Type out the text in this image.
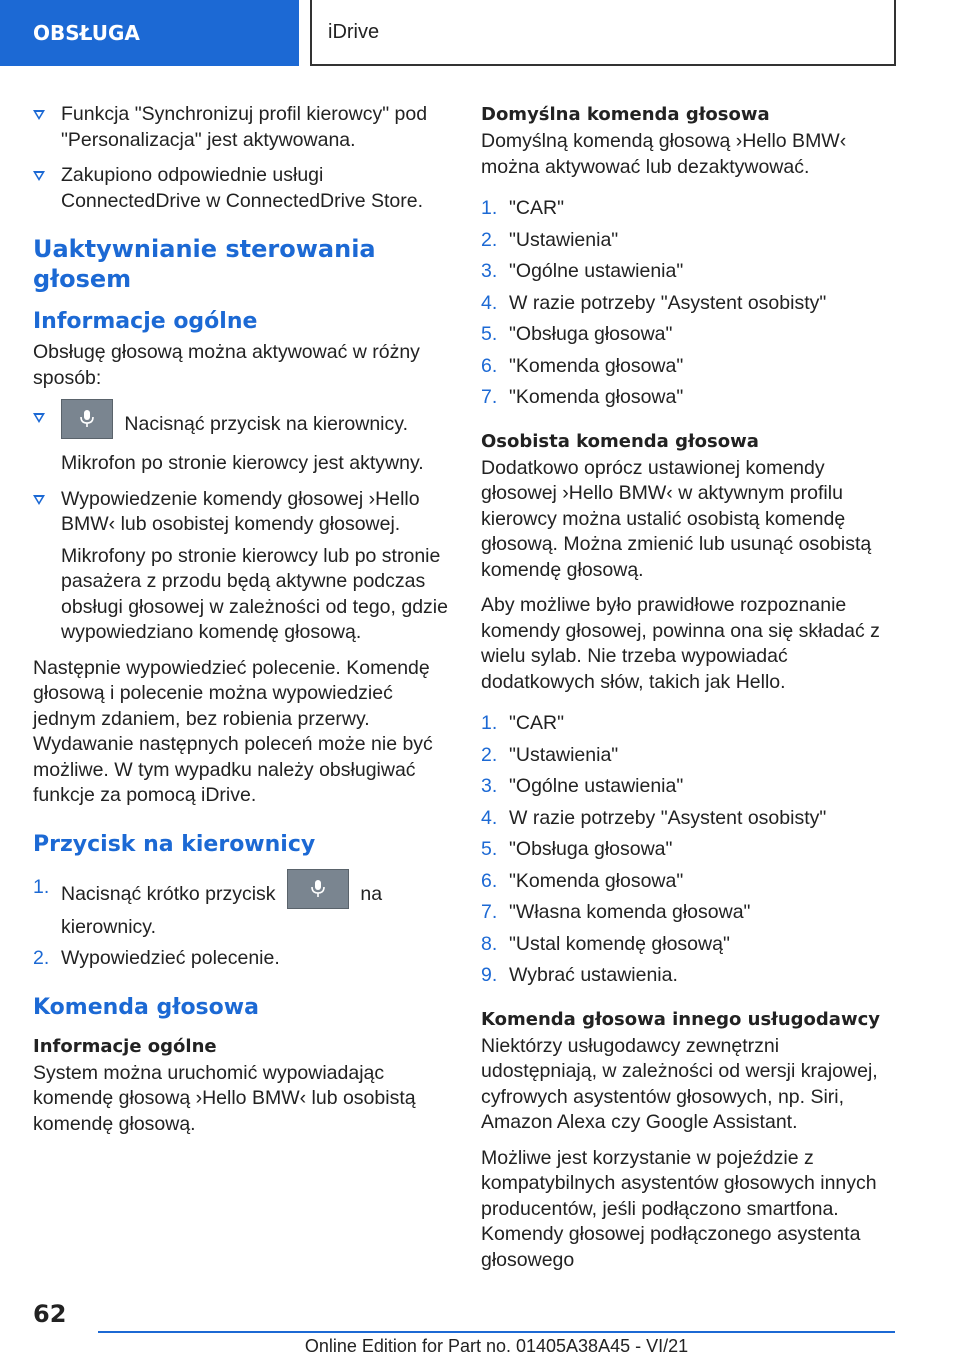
OBSŁUGA	iDrive
Funkcja "Synchronizuj profil kierowcy" pod "Personalizacja" jest aktywowana.
Zakupiono odpowiednie usługi ConnectedDrive w ConnectedDrive Store.
Uaktywnianie sterowania głosem
Informacje ogólne

Obsługę głosową można aktywować w różny sposób:

Nacisnąć przycisk na kierownicy.
Mikrofon po stronie kierowcy jest aktywny.
Wypowiedzenie komendy głosowej ›Hello BMW‹ lub osobistej komendy głosowej.
Mikrofony po stronie kierowcy lub po stronie pasażera z przodu będą aktywne podczas obsługi głosowej w zależności od tego, gdzie wypowiedziano komendę głosową.

Następnie wypowiedzieć polecenie. Komendę głosową i polecenie można wypowiedzieć jednym zdaniem, bez robienia przerwy. Wydawanie następnych poleceń może nie być możliwe. W tym wypadku należy obsługiwać funkcje za pomocą iDrive.

Przycisk na kierownicy
1. Nacisnąć krótko przycisk	na kierownicy.
2. Wypowiedzieć polecenie.
Komenda głosowa
Informacje ogólne

System można uruchomić wypowiadając komendę głosową ›Hello BMW‹ lub osobistą komendę głosową.

Domyślna komenda głosowa

Domyślną komendą głosową ›Hello BMW‹ można aktywować lub dezaktywować.

1. "CAR"
2. "Ustawienia"
3. "Ogólne ustawienia"
4. W razie potrzeby "Asystent osobisty"
5. "Obsługa głosowa"
6. "Komenda głosowa"
7. "Komenda głosowa"
Osobista komenda głosowa

Dodatkowo oprócz ustawionej komendy głosowej ›Hello BMW‹ w aktywnym profilu kierowcy można ustalić osobistą komendę głosową. Można zmienić lub usunąć osobistą komendę głosową.

Aby możliwe było prawidłowe rozpoznanie komendy głosowej, powinna ona się składać z wielu sylab. Nie trzeba wypowiadać dodatkowych słów, takich jak Hello.

1. "CAR"
2. "Ustawienia"
3. "Ogólne ustawienia"
4. W razie potrzeby "Asystent osobisty"
5. "Obsługa głosowa"
6. "Komenda głosowa"
7. "Własna komenda głosowa"
8. "Ustal komendę głosową"
9. Wybrać ustawienia.
Komenda głosowa innego usługodawcy

Niektórzy usługodawcy zewnętrzni udostępniają, w zależności od wersji krajowej, cyfrowych asystentów głosowych, np. Siri, Amazon Alexa czy Google Assistant.

Możliwe jest korzystanie w pojeździe z kompatybilnych asystentów głosowych innych producentów, jeśli podłączono smartfona. Komendy głosowej podłączonego asystenta głosowego

62
Online Edition for Part no. 01405A38A45 - VI/21
